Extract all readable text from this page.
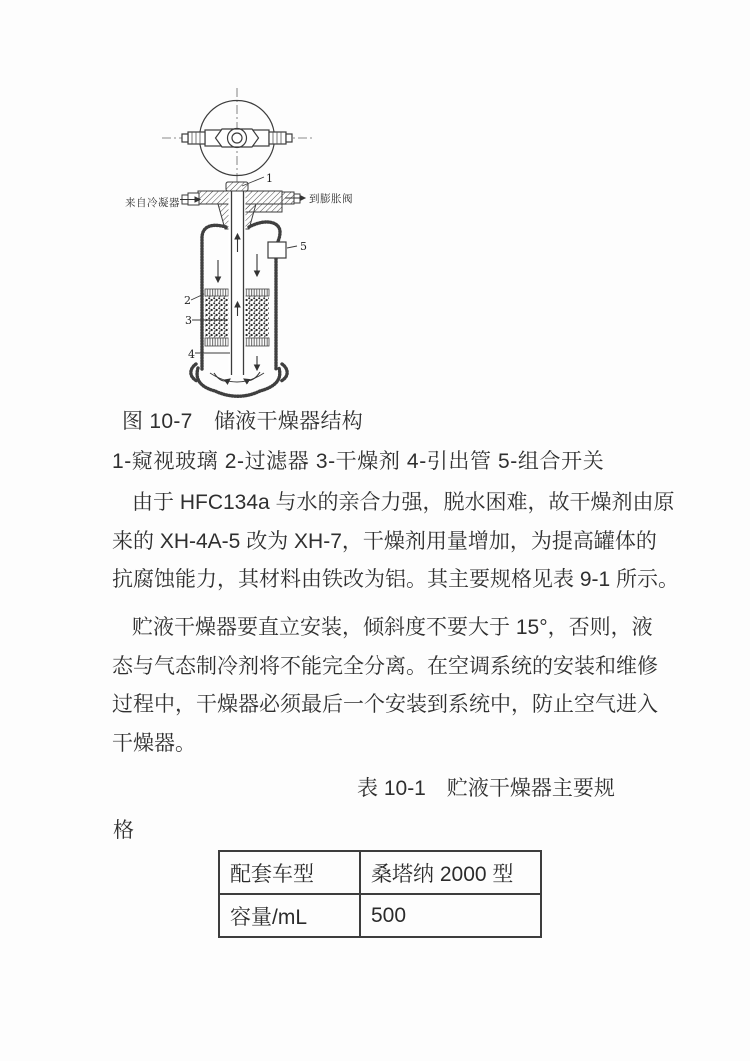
1
2
3
4
5
来自冷凝器	到膨胀阀
图 10-7　储液干燥器结构
1-窥视玻璃 2-过滤器 3-干燥剂 4-引出管 5-组合开关
由于 HFC134a 与水的亲合力强，脱水困难，故干燥剂由原
来的 XH-4A-5 改为 XH-7，干燥剂用量增加，为提高罐体的
抗腐蚀能力，其材料由铁改为铝。其主要规格见表 9-1 所示。
贮液干燥器要直立安装，倾斜度不要大于 15°，否则，液
态与气态制冷剂将不能完全分离。在空调系统的安装和维修
过程中，干燥器必须最后一个安装到系统中，防止空气进入
干燥器。
表 10-1　贮液干燥器主要规
格
配套车型	桑塔纳 2000 型
容量/mL	500
